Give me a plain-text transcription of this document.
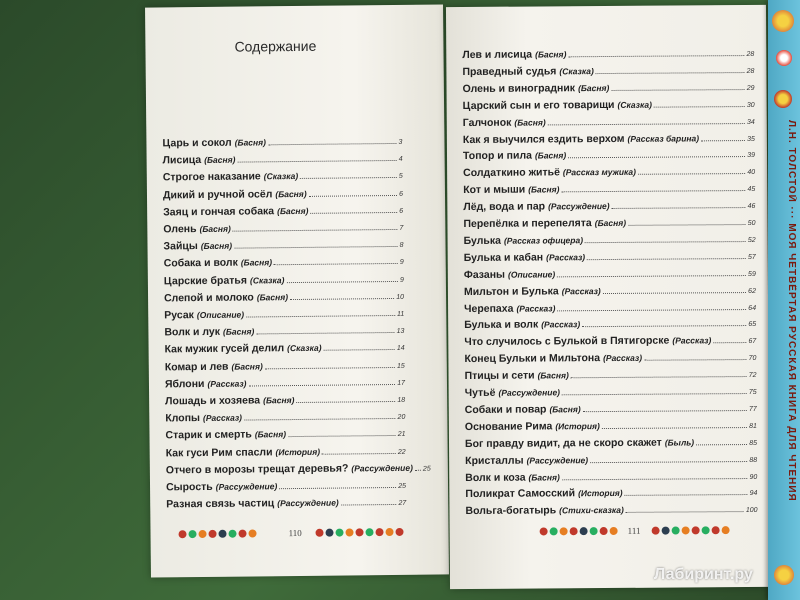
Содержание
Царь и сокол (Басня)	3
Лисица (Басня)	4
Строгое наказание (Сказка)	5
Дикий и ручной осёл (Басня)	6
Заяц и гончая собака (Басня)	6
Олень (Басня)	7
Зайцы (Басня)	8
Собака и волк (Басня)	9
Царские братья (Сказка)	9
Слепой и молоко (Басня)	10
Русак (Описание)	11
Волк и лук (Басня)	13
Как мужик гусей делил (Сказка)	14
Комар и лев (Басня)	15
Яблони (Рассказ)	17
Лошадь и хозяева (Басня)	18
Клопы (Рассказ)	20
Старик и смерть (Басня)	21
Как гуси Рим спасли (История)	22
Отчего в морозы трещат деревья? (Рассуждение) 25
Сырость (Рассуждение)	25
Разная связь частиц (Рассуждение)	27
110
Лев и лисица (Басня)	28
Праведный судья (Сказка)	28
Олень и виноградник (Басня)	29
Царский сын и его товарищи (Сказка)	30
Галчонок (Басня)	34
Как я выучился ездить верхом (Рассказ барина)	35
Топор и пила (Басня)	39
Солдаткино житьё (Рассказ мужика)	40
Кот и мыши (Басня)	45
Лёд, вода и пар (Рассуждение)	46
Перепёлка и перепелята (Басня)	50
Булька (Рассказ офицера)	52
Булька и кабан (Рассказ)	57
Фазаны (Описание)	59
Мильтон и Булька (Рассказ)	62
Черепаха (Рассказ)	64
Булька и волк (Рассказ)	65
Что случилось с Булькой в Пятигорске (Рассказ)	67
Конец Бульки и Мильтона (Рассказ)	70
Птицы и сети (Басня)	72
Чутьё (Рассуждение)	75
Собаки и повар (Басня)	77
Основание Рима (История)	81
Бог правду видит, да не скоро скажет (Быль)	85
Кристаллы (Рассуждение)	88
Волк и коза (Басня)	90
Поликрат Самосский (История)	94
Вольга-богатырь (Стихи-сказка)	100
111
Л.Н. ТОЛСТОЙ ··· МОЯ ЧЕТВЁРТАЯ РУССКАЯ КНИГА ДЛЯ ЧТЕНИЯ
Лабиринт.ру
